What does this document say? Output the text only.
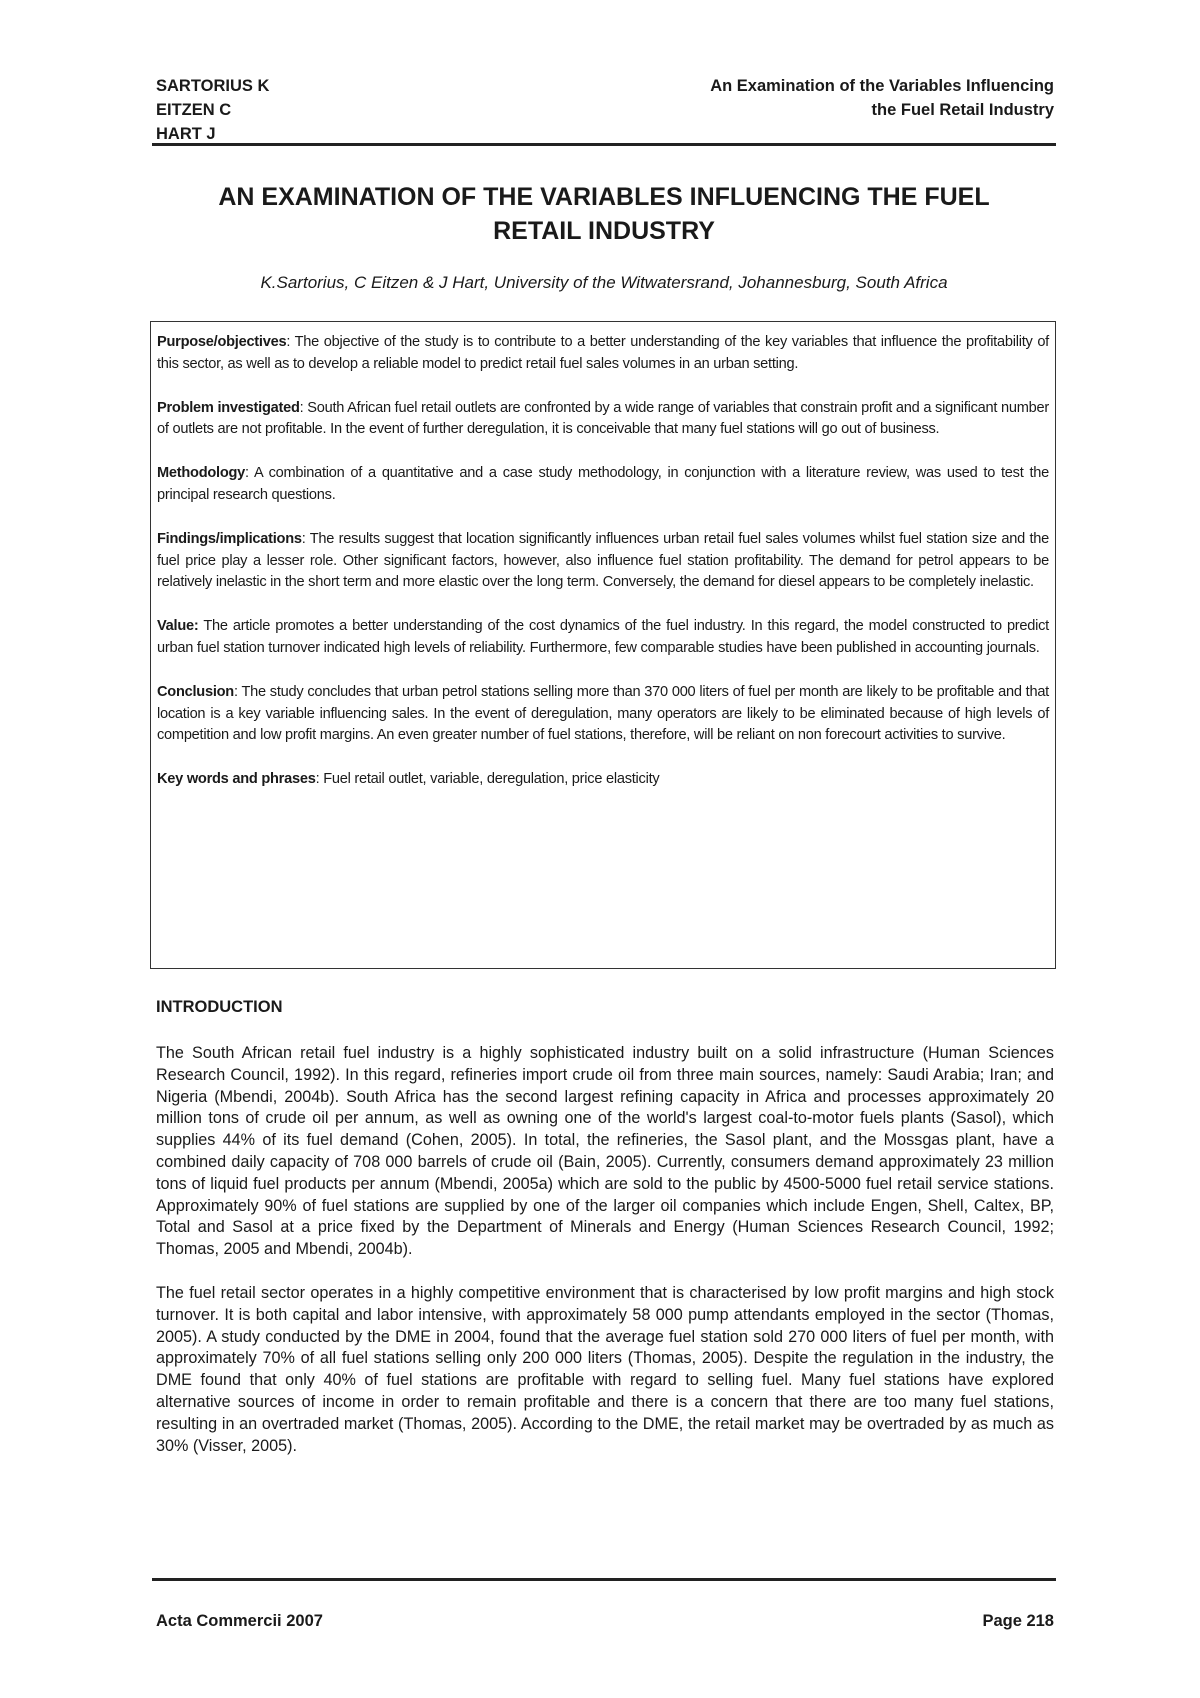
SARTORIUS K
EITZEN C
HART J
An Examination of the Variables Influencing
the Fuel Retail Industry
AN EXAMINATION OF THE VARIABLES INFLUENCING THE FUEL
RETAIL INDUSTRY
K.Sartorius, C Eitzen & J Hart, University of the Witwatersrand, Johannesburg, South Africa

Purpose/objectives: The objective of the study is to contribute to a better understanding of the key variables that influence the profitability of this sector, as well as to develop a reliable model to predict retail fuel sales volumes in an urban setting.

Problem investigated: South African fuel retail outlets are confronted by a wide range of variables that constrain profit and a significant number of outlets are not profitable. In the event of further deregulation, it is conceivable that many fuel stations will go out of business.

Methodology: A combination of a quantitative and a case study methodology, in conjunction with a literature review, was used to test the principal research questions.

Findings/implications: The results suggest that location significantly influences urban retail fuel sales volumes whilst fuel station size and the fuel price play a lesser role. Other significant factors, however, also influence fuel station profitability. The demand for petrol appears to be relatively inelastic in the short term and more elastic over the long term. Conversely, the demand for diesel appears to be completely inelastic.

Value: The article promotes a better understanding of the cost dynamics of the fuel industry. In this regard, the model constructed to predict urban fuel station turnover indicated high levels of reliability. Furthermore, few comparable studies have been published in accounting journals.

Conclusion: The study concludes that urban petrol stations selling more than 370 000 liters of fuel per month are likely to be profitable and that location is a key variable influencing sales. In the event of deregulation, many operators are likely to be eliminated because of high levels of competition and low profit margins. An even greater number of fuel stations, therefore, will be reliant on non forecourt activities to survive.

Key words and phrases: Fuel retail outlet, variable, deregulation, price elasticity

INTRODUCTION

The South African retail fuel industry is a highly sophisticated industry built on a solid infrastructure (Human Sciences Research Council, 1992). In this regard, refineries import crude oil from three main sources, namely: Saudi Arabia; Iran; and Nigeria (Mbendi, 2004b). South Africa has the second largest refining capacity in Africa and processes approximately 20 million tons of crude oil per annum, as well as owning one of the world's largest coal-to-motor fuels plants (Sasol), which supplies 44% of its fuel demand (Cohen, 2005). In total, the refineries, the Sasol plant, and the Mossgas plant, have a combined daily capacity of 708 000 barrels of crude oil (Bain, 2005). Currently, consumers demand approximately 23 million tons of liquid fuel products per annum (Mbendi, 2005a) which are sold to the public by 4500-5000 fuel retail service stations. Approximately 90% of fuel stations are supplied by one of the larger oil companies which include Engen, Shell, Caltex, BP, Total and Sasol at a price fixed by the Department of Minerals and Energy (Human Sciences Research Council, 1992; Thomas, 2005 and Mbendi, 2004b).

The fuel retail sector operates in a highly competitive environment that is characterised by low profit margins and high stock turnover. It is both capital and labor intensive, with approximately 58 000 pump attendants employed in the sector (Thomas, 2005). A study conducted by the DME in 2004, found that the average fuel station sold 270 000 liters of fuel per month, with approximately 70% of all fuel stations selling only 200 000 liters (Thomas, 2005). Despite the regulation in the industry, the DME found that only 40% of fuel stations are profitable with regard to selling fuel. Many fuel stations have explored alternative sources of income in order to remain profitable and there is a concern that there are too many fuel stations, resulting in an overtraded market (Thomas, 2005). According to the DME, the retail market may be overtraded by as much as 30% (Visser, 2005).

Acta Commercii 2007	Page 218
